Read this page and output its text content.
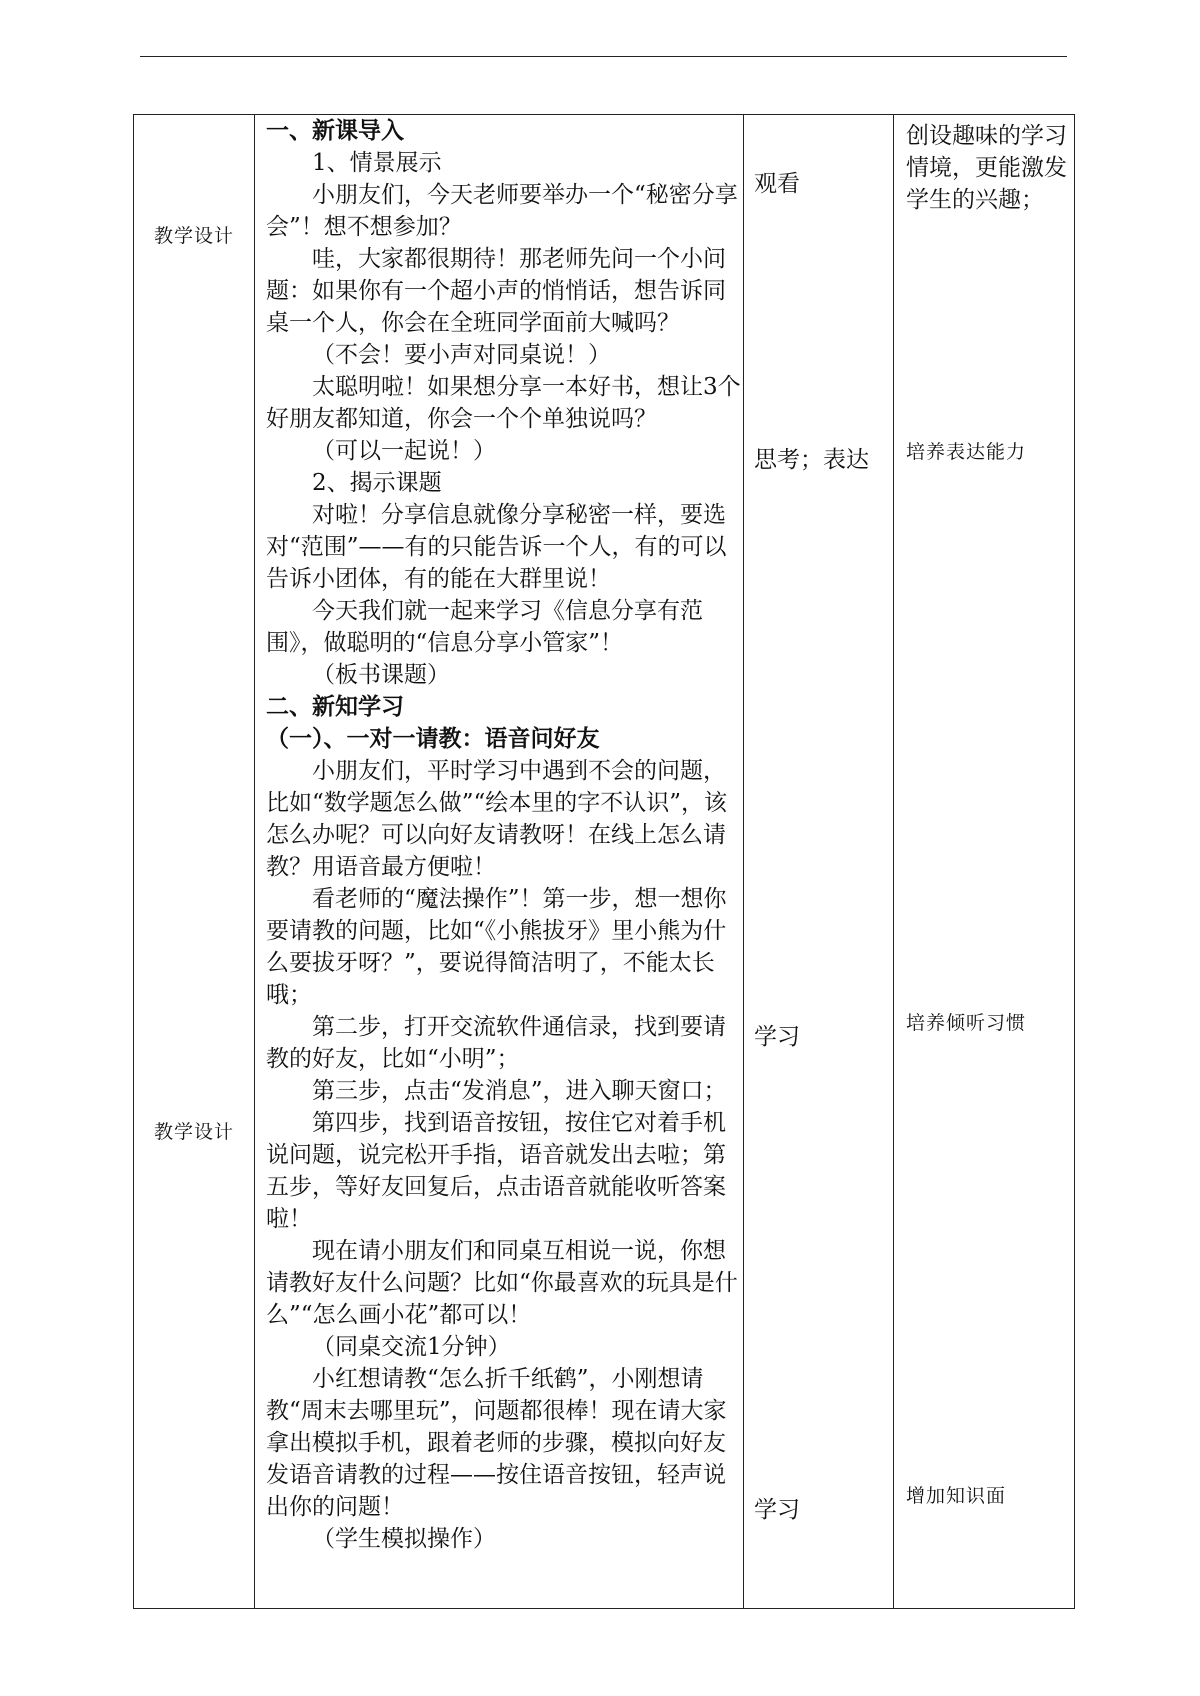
教学设计
教学设计

一、新课导入

1、情景展示

小朋友们，今天老师要举办一个“秘密分享会”！想不想参加？

哇，大家都很期待！那老师先问一个小问题：如果你有一个超小声的悄悄话，想告诉同桌一个人，你会在全班同学面前大喊吗？

（不会！要小声对同桌说！）

太聪明啦！如果想分享一本好书，想让3个好朋友都知道，你会一个个单独说吗？

（可以一起说！）

2、揭示课题

对啦！分享信息就像分享秘密一样，要选对“范围”——有的只能告诉一个人，有的可以告诉小团体，有的能在大群里说！

今天我们就一起来学习《信息分享有范围》，做聪明的“信息分享小管家”！

（板书课题）

二、新知学习

（一）、一对一请教：语音问好友

小朋友们，平时学习中遇到不会的问题，比如“数学题怎么做”“绘本里的字不认识”，该怎么办呢？可以向好友请教呀！在线上怎么请教？用语音最方便啦！

看老师的“魔法操作”！第一步，想一想你要请教的问题，比如“《小熊拔牙》里小熊为什么要拔牙呀？”，要说得简洁明了，不能太长哦；

第二步，打开交流软件通信录，找到要请教的好友，比如“小明”；

第三步，点击“发消息”，进入聊天窗口；

第四步，找到语音按钮，按住它对着手机说问题，说完松开手指，语音就发出去啦；第五步，等好友回复后，点击语音就能收听答案啦！

现在请小朋友们和同桌互相说一说，你想请教好友什么问题？比如“你最喜欢的玩具是什么”“怎么画小花”都可以！

（同桌交流1分钟）

小红想请教“怎么折千纸鹤”，小刚想请教“周末去哪里玩”，问题都很棒！现在请大家拿出模拟手机，跟着老师的步骤，模拟向好友发语音请教的过程——按住语音按钮，轻声说出你的问题！

（学生模拟操作）

观看
思考；表达
学习
学习
创设趣味的学习情境，更能激发学生的兴趣；
培养表达能力
培养倾听习惯
增加知识面
